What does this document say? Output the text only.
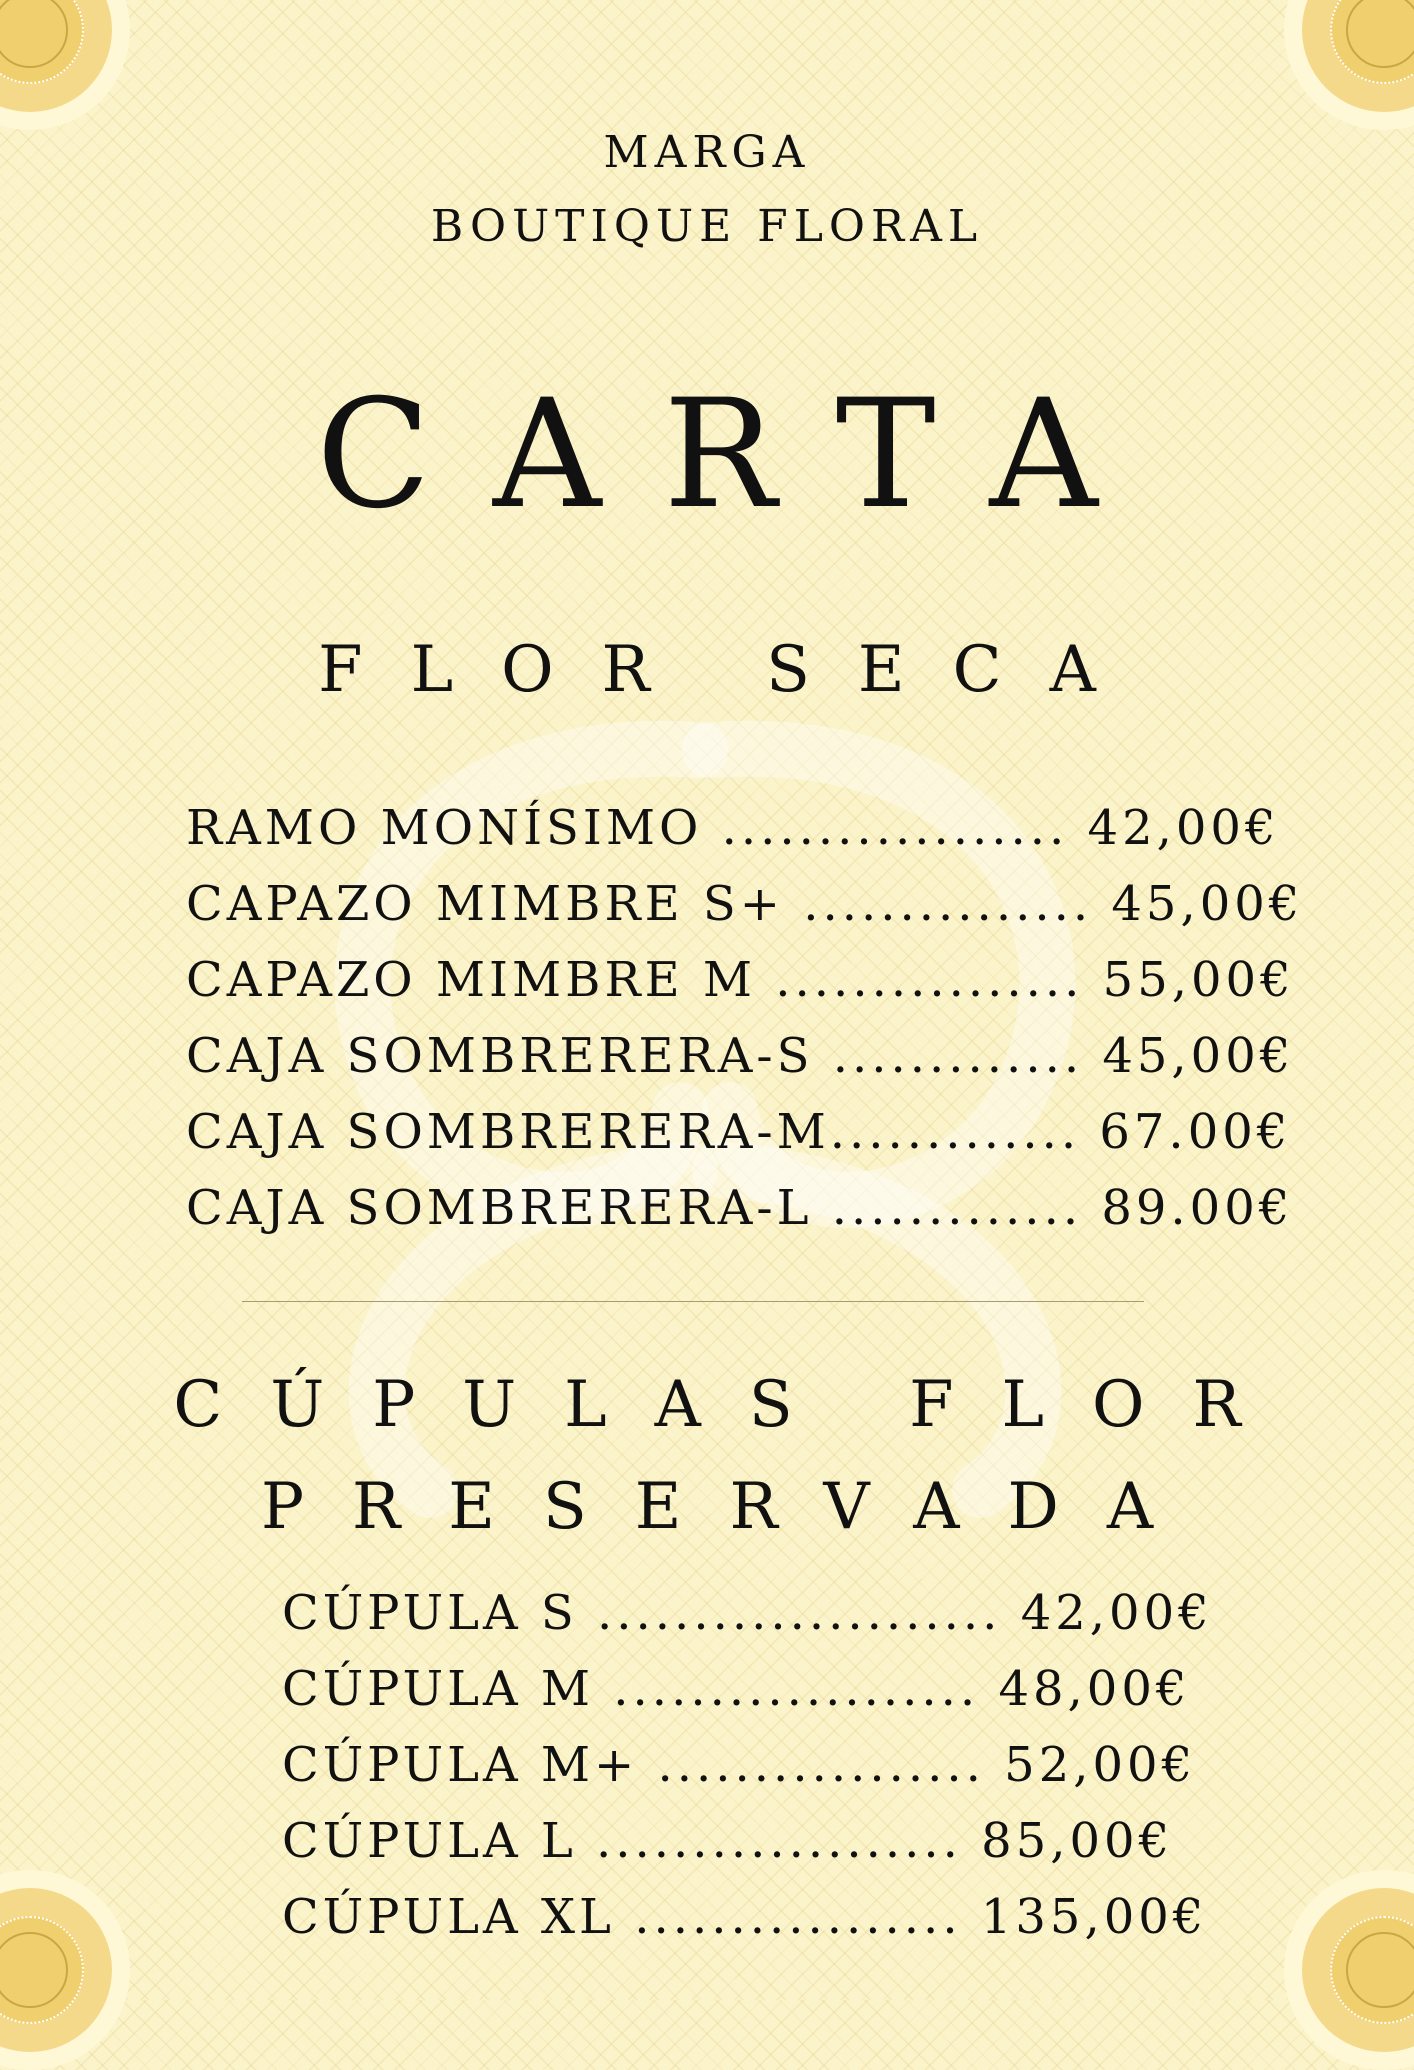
MARGA
BOUTIQUE FLORAL
CARTA
FLOR SECA
RAMO MONÍSIMO .................. 42,00€
CAPAZO MIMBRE S+ ............... 45,00€
CAPAZO MIMBRE M ................ 55,00€
CAJA SOMBRERERA-S ............. 45,00€
CAJA SOMBRERERA-M............. 67.00€
CAJA SOMBRERERA-L ............. 89.00€
CÚPULAS FLOR
PRESERVADA
CÚPULA S ..................... 42,00€
CÚPULA M ................... 48,00€
CÚPULA M+ ................. 52,00€
CÚPULA L ................... 85,00€
CÚPULA XL ................. 135,00€
